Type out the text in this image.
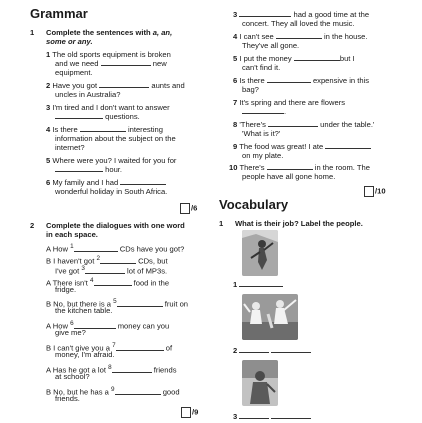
Grammar
1 Complete the sentences with a, an,
some or any.
1 The old sports equipment is broken
and we need	new
equipment.
2 Have you got	aunts and
uncles in Australia?
3 I'm tired and I don't want to answer
questions.
4 Is there	interesting
information about the subject on the
internet?
5 Where were you? I waited for you for
hour.
6 My family and I had
wonderful holiday in South Africa.
/6
2 Complete the dialogues with one word
in each space.
A How $^1$	CDs have you got?
B I haven't got $^2$	CDs, but
I've got $^3$	lot of MP3s.
A There isn't $^4$	food in the
fridge.
B No, but there is a $^5$	fruit on
the kitchen table.
A How $^6$	money can you
give me?
B I can't give you a $^7$	of
money, I'm afraid.
A Has he got a lot $^8$	friends
at school?
B No, but he has a $^9$	good
friends.
/9
3	had a good time at the
concert. They all loved the music.
4 I can't see	in the house.
They've all gone.
5 I put the money	but I
can't find it.
6 Is there	expensive in this
bag?
7 It's spring and there are flowers
.
8 'There's	under the table.'
'What is it?'
9 The food was great! I ate
on my plate.
10 There's	in the room. The
people have all gone home.
/10
Vocabulary
1 What is their job? Label the people.
1
2
3
